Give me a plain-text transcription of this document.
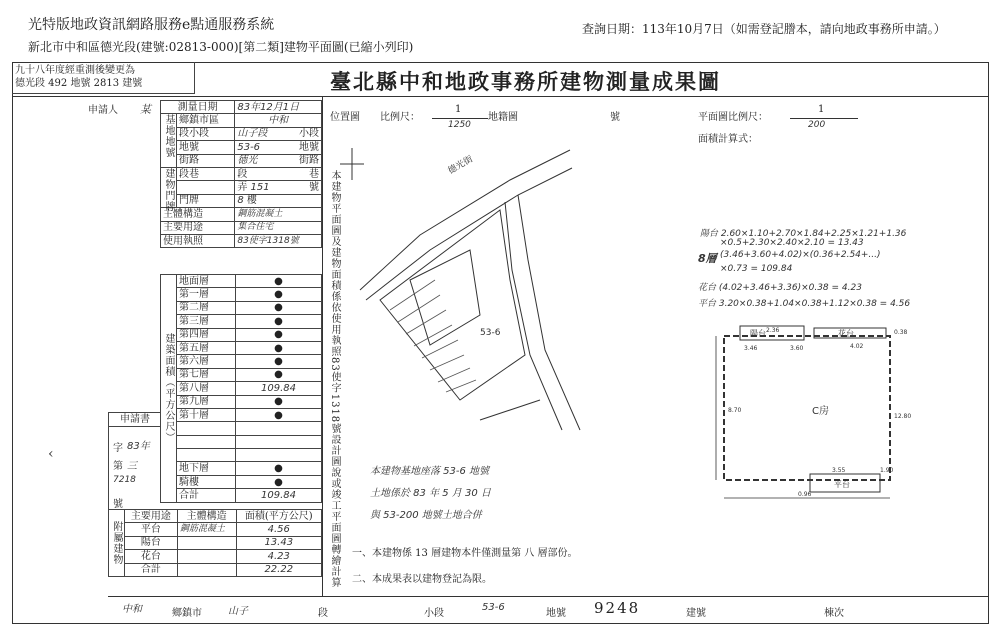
光特版地政資訊網路服務e點通服務系統	查詢日期：113年10月7日（如需登記謄本，請向地政事務所申請。）
新北市中和區德光段(建號:02813-000)[第二類]建物平面圖(已縮小列印)
九十八年度經重測後變更為
德光段 492 地號 2813 建號	臺北縣中和地政事務所建物測量成果圖
申請人 某	測量日期		83年12月1日
基地地號	鄉鎮市區	中和
	段小段	山子段 小段

	地號	53-6 地號

	街路	德光 街路

建物門牌	段巷	段 巷

		弄 151 號

	門牌	8 樓
主體構造		鋼筋混凝土
主要用途		集合住宅
使用執照		83使字1318號
建築面積（平方公尺）	地面層	●
	第一層	●
	第二層	●
	第三層	●
	第四層	●
	第五層	●
	第六層	●
	第七層	●
	第八層	109.84
	第九層	●
	第十層	●

	地下層	●
	騎樓	●
	合計	109.84
申請書
字 83年
第 三
7218
號
附屬建物	主要用途	主體構造	面積(平方公尺)
	平台	鋼筋混凝土	4.56
	陽台		13.43
	花台		4.23
	合計		22.22	本建物平面圖及建物面積係依使用執照83使字1318號設計圖說或竣工平面圖轉繪計算
位置圖 比例尺：
1
1250
地籍圖	號	平面圖比例尺：
1
200
面積計算式：
德光街
53-6
本建物基地座落 53-6 地號
土地係於 83 年 5 月 30 日
與 53-200 地號土地合併
一、本建物係 13 層建物本件僅測量第 八 層部份。
二、本成果表以建物登記為限。
陽台 2.60×1.10+2.70×1.84+2.25×1.21+1.36
×0.5+2.30×2.40×2.10 = 13.43
8層 (3.46+3.60+4.02)×(0.36+2.54+...)
×0.73 = 109.84
花台 (4.02+3.46+3.36)×0.38 = 4.23
平台 3.20×0.38+1.04×0.38+1.12×0.38 = 4.56
C房
陽台	花台
平台
3.46	3.60	4.02
0.38
8.70
12.80
3.55
2.36
1.90
0.96
中和	鄉鎮市	山子	段	小段
53-6
地號 9248	建號	棟次
‹
